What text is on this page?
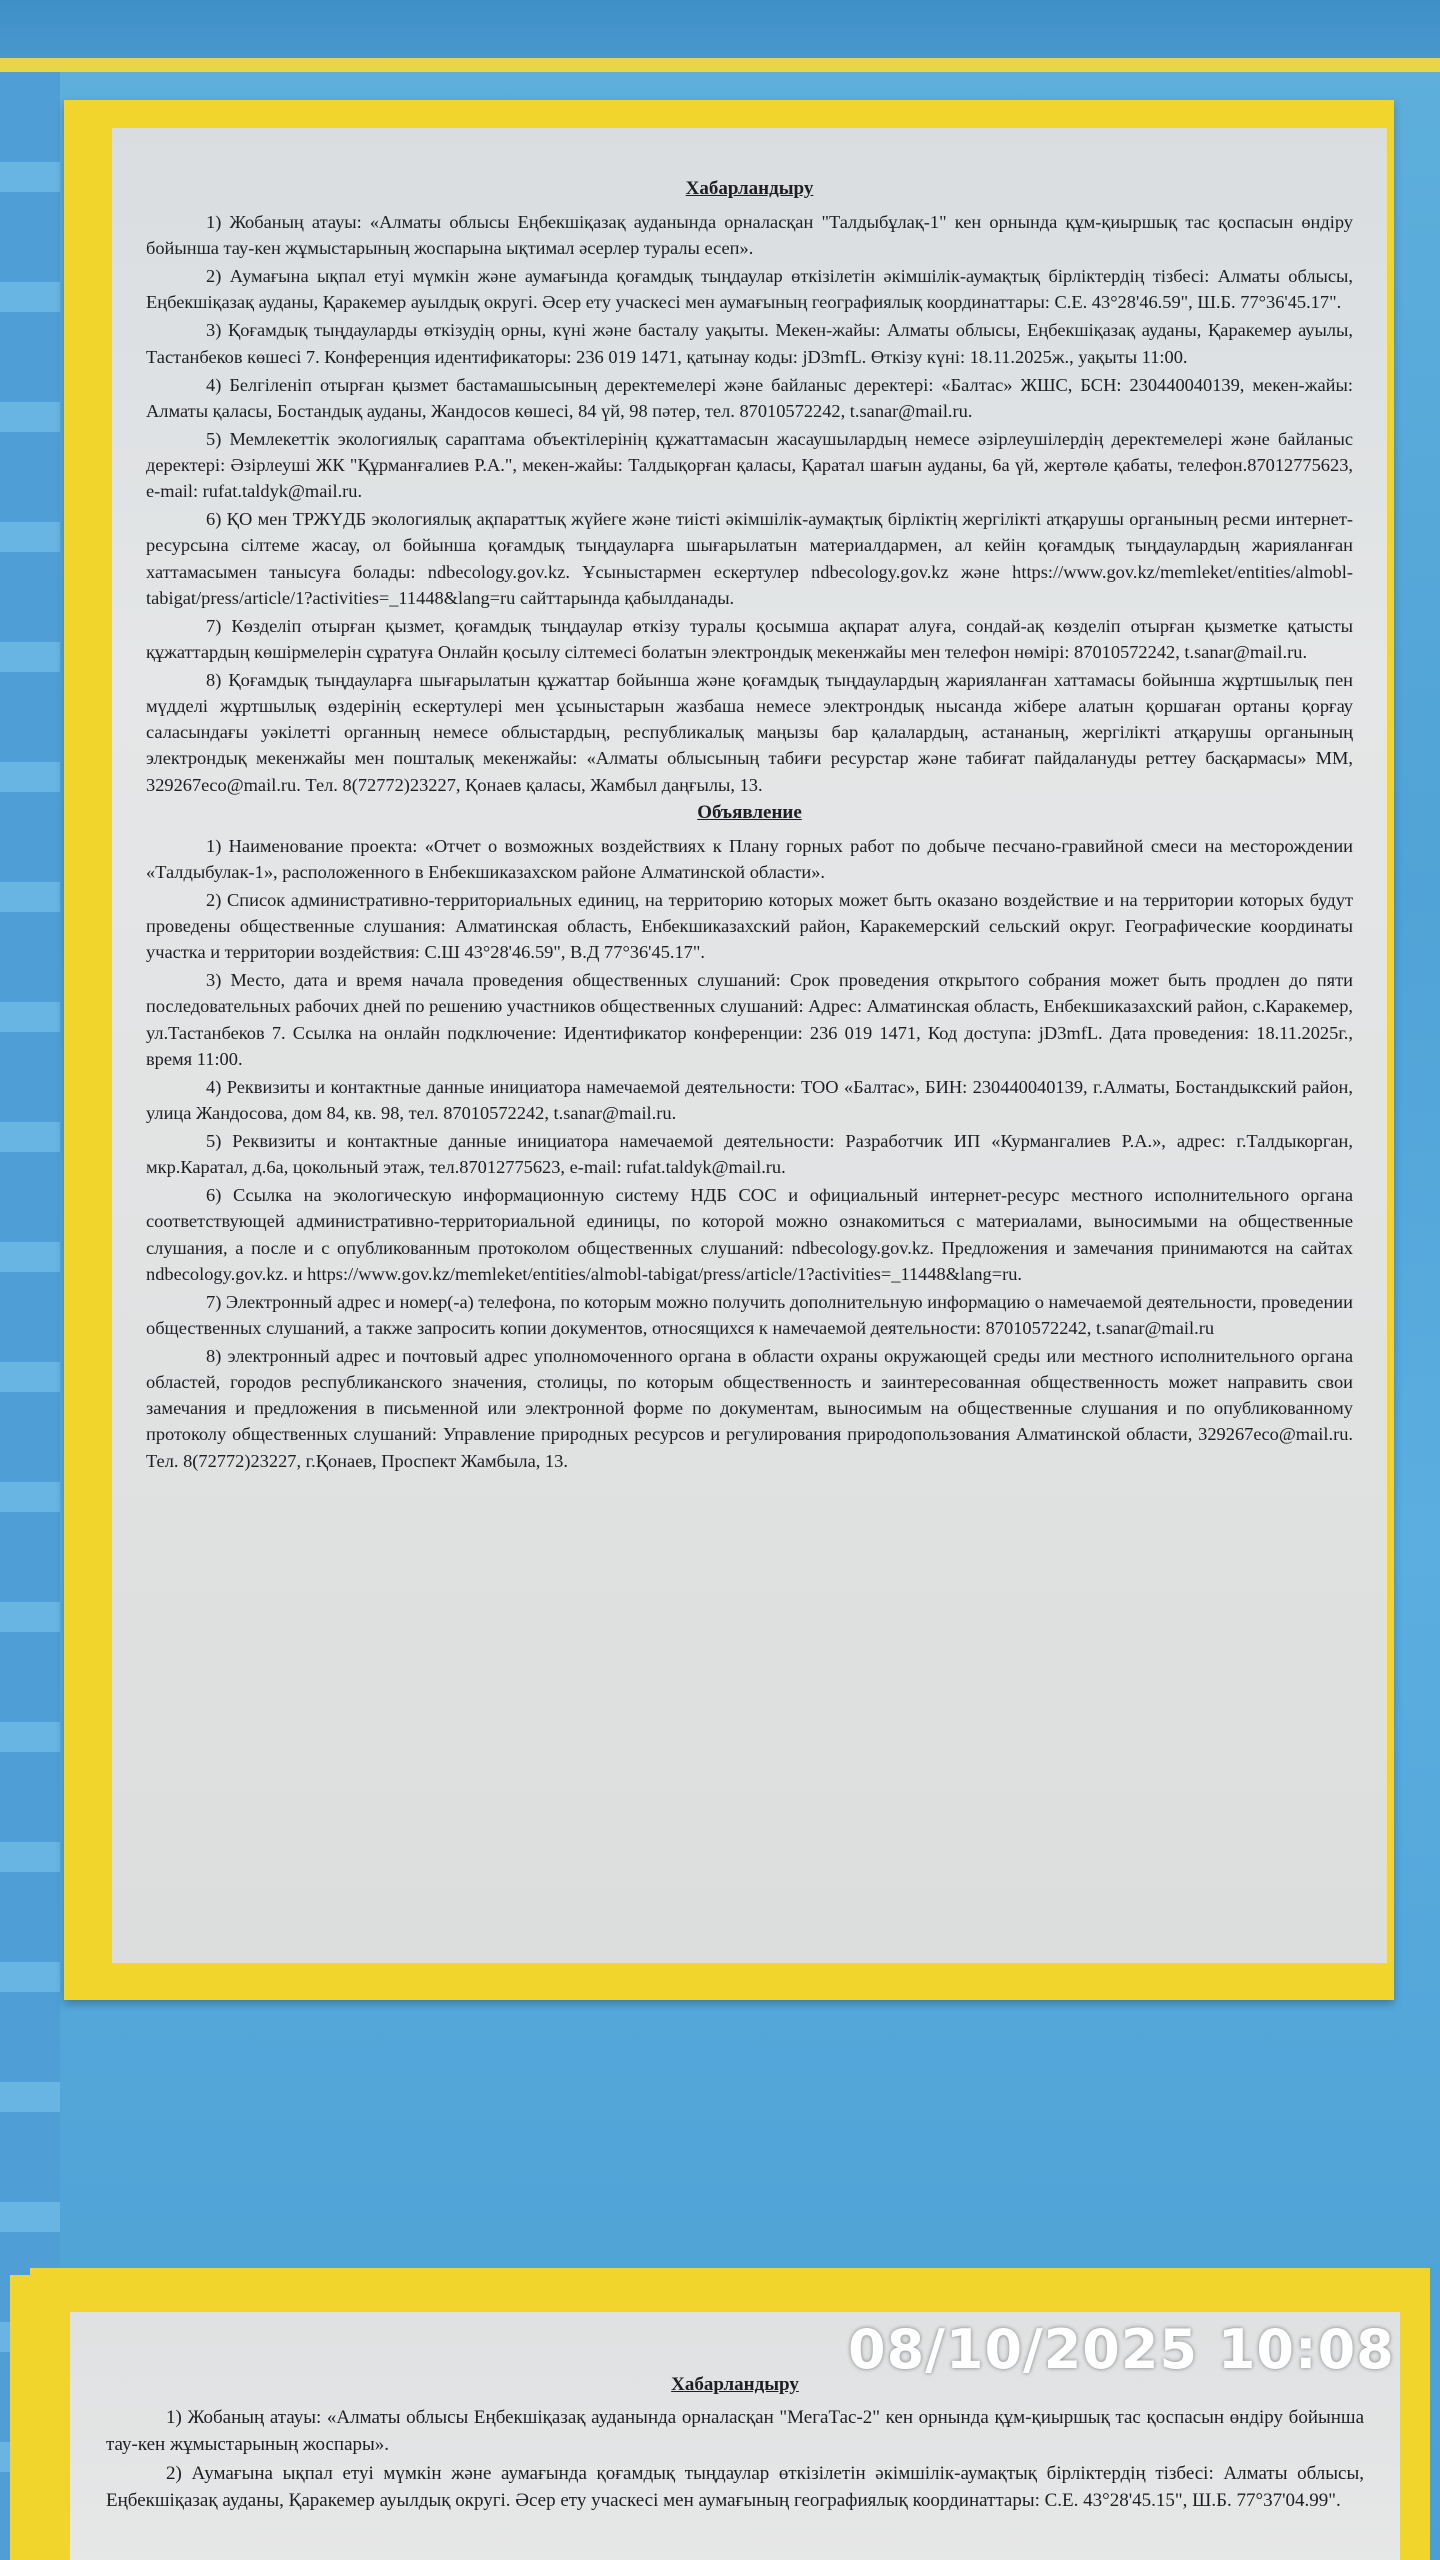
Хабарландыру

1) Жобаның атауы: «Алматы облысы Еңбекшіқазақ ауданында орналасқан "Талдыбұлақ-1" кен орнында құм-қиыршық тас қоспасын өндіру бойынша тау-кен жұмыстарының жоспарына ықтимал әсерлер туралы есеп».

2) Аумағына ықпал етуі мүмкін және аумағында қоғамдық тыңдаулар өткізілетін әкімшілік-аумақтық бірліктердің тізбесі: Алматы облысы, Еңбекшіқазақ ауданы, Қаракемер ауылдық округі. Әсер ету учаскесі мен аумағының географиялық координаттары: С.Е. 43°28'46.59", Ш.Б. 77°36'45.17".

3) Қоғамдық тыңдауларды өткізудің орны, күні және басталу уақыты. Мекен-жайы: Алматы облысы, Еңбекшіқазақ ауданы, Қаракемер ауылы, Тастанбеков көшесі 7. Конференция идентификаторы: 236 019 1471, қатынау коды: jD3mfL. Өткізу күні: 18.11.2025ж., уақыты 11:00.

4) Белгіленіп отырған қызмет бастамашысының деректемелері және байланыс деректері: «Балтас» ЖШС, БСН: 230440040139, мекен-жайы: Алматы қаласы, Бостандық ауданы, Жандосов көшесі, 84 үй, 98 пәтер, тел. 87010572242, t.sanar@mail.ru.

5) Мемлекеттік экологиялық сараптама объектілерінің құжаттамасын жасаушылардың немесе әзірлеушілердің деректемелері және байланыс деректері: Әзірлеуші ЖК "Құрманғалиев Р.А.", мекен-жайы: Талдықорған қаласы, Қаратал шағын ауданы, 6а үй, жертөле қабаты, телефон.87012775623, e-mail: rufat.taldyk@mail.ru.

6) ҚО мен ТРЖҮДБ экологиялық ақпараттық жүйеге және тиісті әкімшілік-аумақтық бірліктің жергілікті атқарушы органының ресми интернет-ресурсына сілтеме жасау, ол бойынша қоғамдық тыңдауларға шығарылатын материалдармен, ал кейін қоғамдық тыңдаулардың жарияланған хаттамасымен танысуға болады: ndbecology.gov.kz. Ұсыныстармен ескертулер ndbecology.gov.kz және https://www.gov.kz/memleket/entities/almobl-tabigat/press/article/1?activities=_11448&lang=ru сайттарында қабылданады.

7) Көзделіп отырған қызмет, қоғамдық тыңдаулар өткізу туралы қосымша ақпарат алуға, сондай-ақ көзделіп отырған қызметке қатысты құжаттардың көшірмелерін сұратуға Онлайн қосылу сілтемесі болатын электрондық мекенжайы мен телефон нөмірі: 87010572242, t.sanar@mail.ru.

8) Қоғамдық тыңдауларға шығарылатын құжаттар бойынша және қоғамдық тыңдаулардың жарияланған хаттамасы бойынша жұртшылық пен мүдделі жұртшылық өздерінің ескертулері мен ұсыныстарын жазбаша немесе электрондық нысанда жібере алатын қоршаған ортаны қорғау саласындағы уәкілетті органның немесе облыстардың, республикалық маңызы бар қалалардың, астананың, жергілікті атқарушы органының электрондық мекенжайы мен пошталық мекенжайы: «Алматы облысының табиғи ресурстар және табиғат пайдалануды реттеу басқармасы» ММ, 329267eco@mail.ru. Тел. 8(72772)23227, Қонаев қаласы, Жамбыл даңғылы, 13.

Объявление

1) Наименование проекта: «Отчет о возможных воздействиях к Плану горных работ по добыче песчано-гравийной смеси на месторождении «Талдыбулак-1», расположенного в Енбекшиказахском районе Алматинской области».

2) Список административно-территориальных единиц, на территорию которых может быть оказано воздействие и на территории которых будут проведены общественные слушания: Алматинская область, Енбекшиказахский район, Каракемерский сельский округ. Географические координаты участка и территории воздействия: С.Ш 43°28'46.59", В.Д 77°36'45.17".

3) Место, дата и время начала проведения общественных слушаний: Срок проведения открытого собрания может быть продлен до пяти последовательных рабочих дней по решению участников общественных слушаний: Адрес: Алматинская область, Енбекшиказахский район, с.Каракемер, ул.Тастанбеков 7. Ссылка на онлайн подключение: Идентификатор конференции: 236 019 1471, Код доступа: jD3mfL. Дата проведения: 18.11.2025г., время 11:00.

4) Реквизиты и контактные данные инициатора намечаемой деятельности: ТОО «Балтас», БИН: 230440040139, г.Алматы, Бостандыкский район, улица Жандосова, дом 84, кв. 98, тел. 87010572242, t.sanar@mail.ru.

5) Реквизиты и контактные данные инициатора намечаемой деятельности: Разработчик ИП «Курмангалиев Р.А.», адрес: г.Талдыкорган, мкр.Каратал, д.6а, цокольный этаж, тел.87012775623, e-mail: rufat.taldyk@mail.ru.

6) Ссылка на экологическую информационную систему НДБ СОС и официальный интернет-ресурс местного исполнительного органа соответствующей административно-территориальной единицы, по которой можно ознакомиться с материалами, выносимыми на общественные слушания, а после и с опубликованным протоколом общественных слушаний: ndbecology.gov.kz. Предложения и замечания принимаются на сайтах ndbecology.gov.kz. и https://www.gov.kz/memleket/entities/almobl-tabigat/press/article/1?activities=_11448&lang=ru.

7) Электронный адрес и номер(-а) телефона, по которым можно получить дополнительную информацию о намечаемой деятельности, проведении общественных слушаний, а также запросить копии документов, относящихся к намечаемой деятельности: 87010572242, t.sanar@mail.ru

8) электронный адрес и почтовый адрес уполномоченного органа в области охраны окружающей среды или местного исполнительного органа областей, городов республиканского значения, столицы, по которым общественность и заинтересованная общественность может направить свои замечания и предложения в письменной или электронной форме по документам, выносимым на общественные слушания и по опубликованному протоколу общественных слушаний: Управление природных ресурсов и регулирования природопользования Алматинской области, 329267eco@mail.ru. Тел. 8(72772)23227, г.Қонаев, Проспект Жамбыла, 13.

Хабарландыру

1) Жобаның атауы: «Алматы облысы Еңбекшіқазақ ауданында орналасқан "МегаТас-2" кен орнында құм-қиыршық тас қоспасын өндіру бойынша тау-кен жұмыстарының жоспары».

2) Аумағына ықпал етуі мүмкін және аумағында қоғамдық тыңдаулар өткізілетін әкімшілік-аумақтық бірліктердің тізбесі: Алматы облысы, Еңбекшіқазақ ауданы, Қаракемер ауылдық округі. Әсер ету учаскесі мен аумағының географиялық координаттары: С.Е. 43°28'45.15", Ш.Б. 77°37'04.99".

08/10/2025 10:08
